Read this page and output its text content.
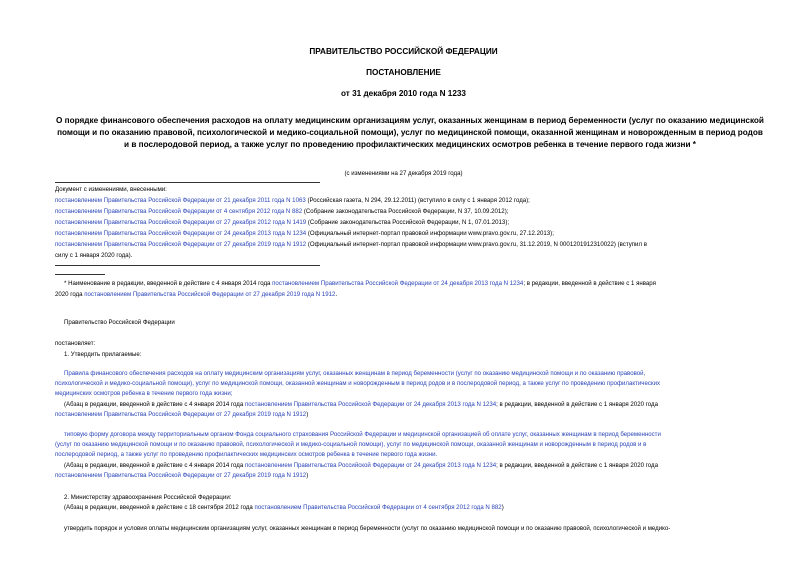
ПРАВИТЕЛЬСТВО РОССИЙСКОЙ ФЕДЕРАЦИИ
ПОСТАНОВЛЕНИЕ
от 31 декабря 2010 года N 1233
О порядке финансового обеспечения расходов на оплату медицинским организациям услуг, оказанных женщинам в период беременности (услуг по оказанию медицинской помощи и по оказанию правовой, психологической и медико-социальной помощи), услуг по медицинской помощи, оказанной женщинам и новорожденным в период родов и в послеродовой период, а также услуг по проведению профилактических медицинских осмотров ребенка в течение первого года жизни *
(с изменениями на 27 декабря 2019 года)
Документ с изменениями, внесенными:
постановлением Правительства Российской Федерации от 21 декабря 2011 года N 1063 (Российская газета, N 294, 29.12.2011) (вступило в силу с 1 января 2012 года);
постановлением Правительства Российской Федерации от 4 сентября 2012 года N 882 (Собрание законодательства Российской Федерации, N 37, 10.09.2012);
постановлением Правительства Российской Федерации от 27 декабря 2012 года N 1419 (Собрание законодательства Российской Федерации, N 1, 07.01.2013);
постановлением Правительства Российской Федерации от 24 декабря 2013 года N 1234 (Официальный интернет-портал правовой информации www.pravo.gov.ru, 27.12.2013);
постановлением Правительства Российской Федерации от 27 декабря 2019 года N 1912 (Официальный интернет-портал правовой информации www.pravo.gov.ru, 31.12.2019, N 0001201912310022) (вступил в
силу с 1 января 2020 года).
* Наименование в редакции, введенной в действие с 4 января 2014 года постановлением Правительства Российской Федерации от 24 декабря 2013 года N 1234; в редакции, введенной в действие с 1 января
2020 года постановлением Правительства Российской Федерации от 27 декабря 2019 года N 1912.
Правительство Российской Федерации
постановляет:
1. Утвердить прилагаемые:
Правила финансового обеспечения расходов на оплату медицинским организациям услуг, оказанных женщинам в период беременности (услуг по оказанию медицинской помощи и по оказанию правовой,
психологической и медико-социальной помощи), услуг по медицинской помощи, оказанной женщинам и новорожденным в период родов и в послеродовой период, а также услуг по проведению профилактических
медицинских осмотров ребенка в течение первого года жизни;
(Абзац в редакции, введенной в действие с 4 января 2014 года постановлением Правительства Российской Федерации от 24 декабря 2013 года N 1234; в редакции, введенной в действие с 1 января 2020 года
постановлением Правительства Российской Федерации от 27 декабря 2019 года N 1912)
типовую форму договора между территориальным органом Фонда социального страхования Российской Федерации и медицинской организацией об оплате услуг, оказанных женщинам в период беременности
(услуг по оказанию медицинской помощи и по оказанию правовой, психологической и медико-социальной помощи), услуг по медицинской помощи, оказанной женщинам и новорожденным в период родов и в
послеродовой период, а также услуг по проведению профилактических медицинских осмотров ребенка в течение первого года жизни.
(Абзац в редакции, введенной в действие с 4 января 2014 года постановлением Правительства Российской Федерации от 24 декабря 2013 года N 1234; в редакции, введенной в действие с 1 января 2020 года
постановлением Правительства Российской Федерации от 27 декабря 2019 года N 1912)
2. Министерству здравоохранения Российской Федерации:
(Абзац в редакции, введенной в действие с 18 сентября 2012 года постановлением Правительства Российской Федерации от 4 сентября 2012 года N 882)
утвердить порядок и условия оплаты медицинским организациям услуг, оказанных женщинам в период беременности (услуг по оказанию медицинской помощи и по оказанию правовой, психологической и медико-
